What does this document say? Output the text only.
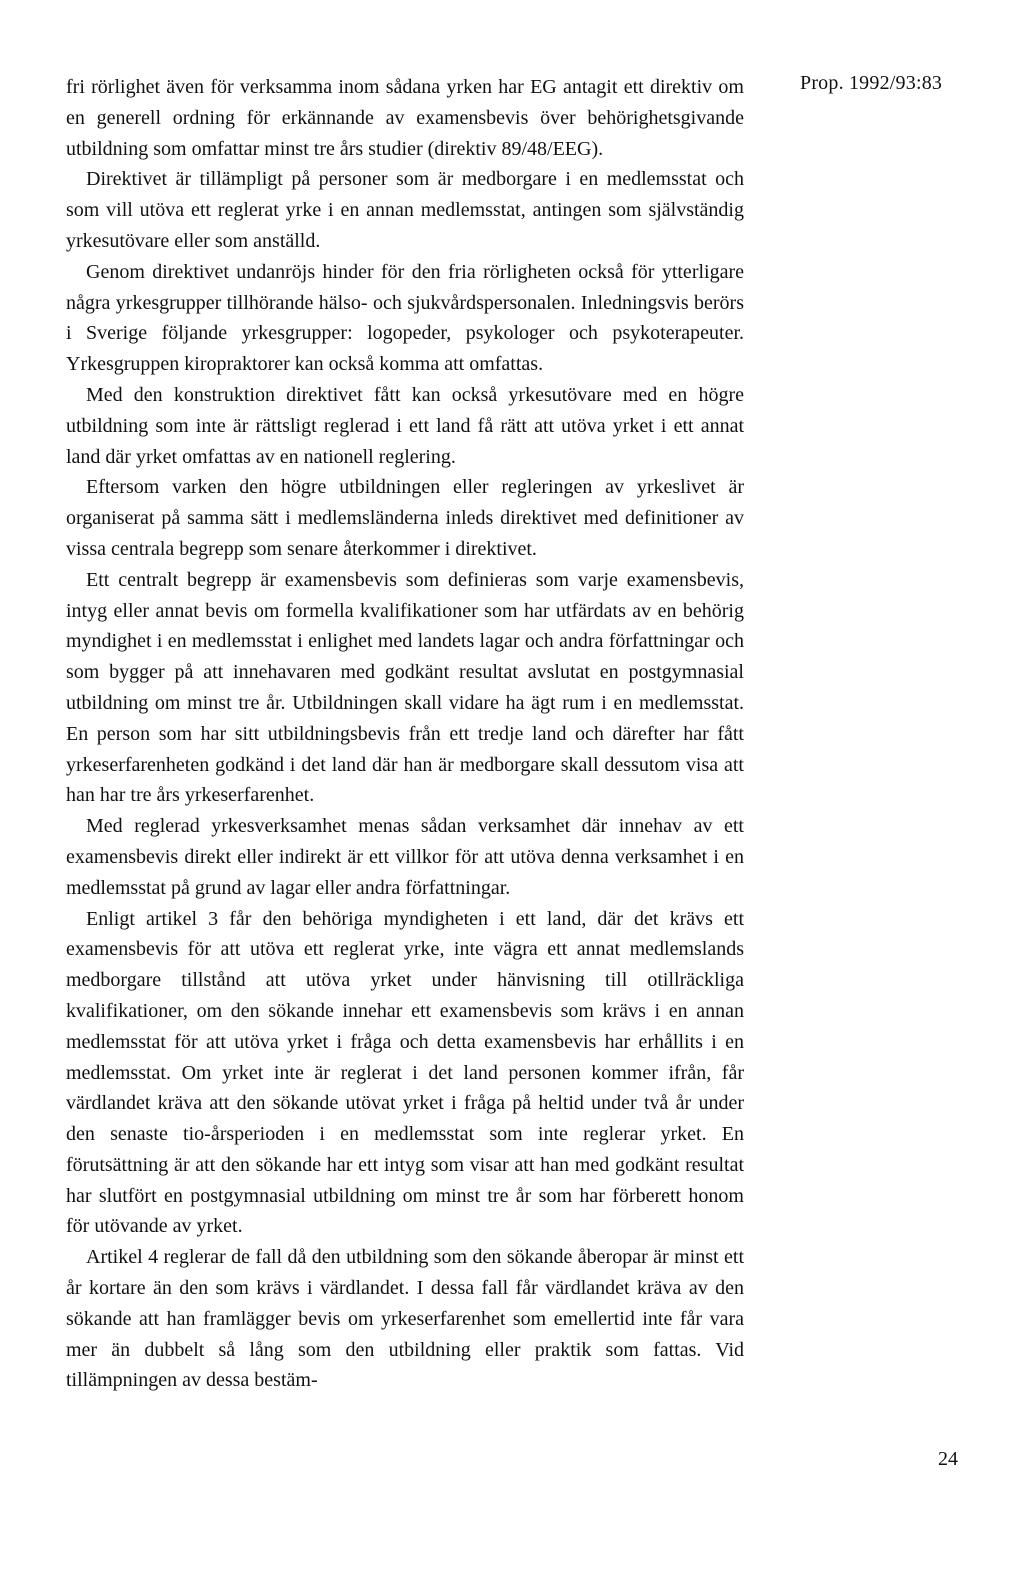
Prop. 1992/93:83

fri rörlighet även för verksamma inom sådana yrken har EG antagit ett direktiv om en generell ordning för erkännande av examensbevis över behörighetsgivande utbildning som omfattar minst tre års studier (direktiv 89/48/EEG).

Direktivet är tillämpligt på personer som är medborgare i en medlemsstat och som vill utöva ett reglerat yrke i en annan medlemsstat, antingen som självständig yrkesutövare eller som anställd.

Genom direktivet undanröjs hinder för den fria rörligheten också för ytterligare några yrkesgrupper tillhörande hälso- och sjukvårdspersonalen. Inledningsvis berörs i Sverige följande yrkesgrupper: logopeder, psykologer och psykoterapeuter. Yrkesgruppen kiropraktorer kan också komma att omfattas.

Med den konstruktion direktivet fått kan också yrkesutövare med en högre utbildning som inte är rättsligt reglerad i ett land få rätt att utöva yrket i ett annat land där yrket omfattas av en nationell reglering.

Eftersom varken den högre utbildningen eller regleringen av yrkeslivet är organiserat på samma sätt i medlemsländerna inleds direktivet med definitioner av vissa centrala begrepp som senare återkommer i direktivet.

Ett centralt begrepp är examensbevis som definieras som varje examensbevis, intyg eller annat bevis om formella kvalifikationer som har utfärdats av en behörig myndighet i en medlemsstat i enlighet med landets lagar och andra författningar och som bygger på att innehavaren med godkänt resultat avslutat en postgymnasial utbildning om minst tre år. Utbildningen skall vidare ha ägt rum i en medlemsstat. En person som har sitt utbildningsbevis från ett tredje land och därefter har fått yrkeserfarenheten godkänd i det land där han är medborgare skall dessutom visa att han har tre års yrkeserfarenhet.

Med reglerad yrkesverksamhet menas sådan verksamhet där innehav av ett examensbevis direkt eller indirekt är ett villkor för att utöva denna verksamhet i en medlemsstat på grund av lagar eller andra författningar.

Enligt artikel 3 får den behöriga myndigheten i ett land, där det krävs ett examensbevis för att utöva ett reglerat yrke, inte vägra ett annat medlemslands medborgare tillstånd att utöva yrket under hänvisning till otillräckliga kvalifikationer, om den sökande innehar ett examensbevis som krävs i en annan medlemsstat för att utöva yrket i fråga och detta examensbevis har erhållits i en medlemsstat. Om yrket inte är reglerat i det land personen kommer ifrån, får värdlandet kräva att den sökande utövat yrket i fråga på heltid under två år under den senaste tio-årsperioden i en medlemsstat som inte reglerar yrket. En förutsättning är att den sökande har ett intyg som visar att han med godkänt resultat har slutfört en postgymnasial utbildning om minst tre år som har förberett honom för utövande av yrket.

Artikel 4 reglerar de fall då den utbildning som den sökande åberopar är minst ett år kortare än den som krävs i värdlandet. I dessa fall får värdlandet kräva av den sökande att han framlägger bevis om yrkeserfarenhet som emellertid inte får vara mer än dubbelt så lång som den utbildning eller praktik som fattas. Vid tillämpningen av dessa bestäm-

24
